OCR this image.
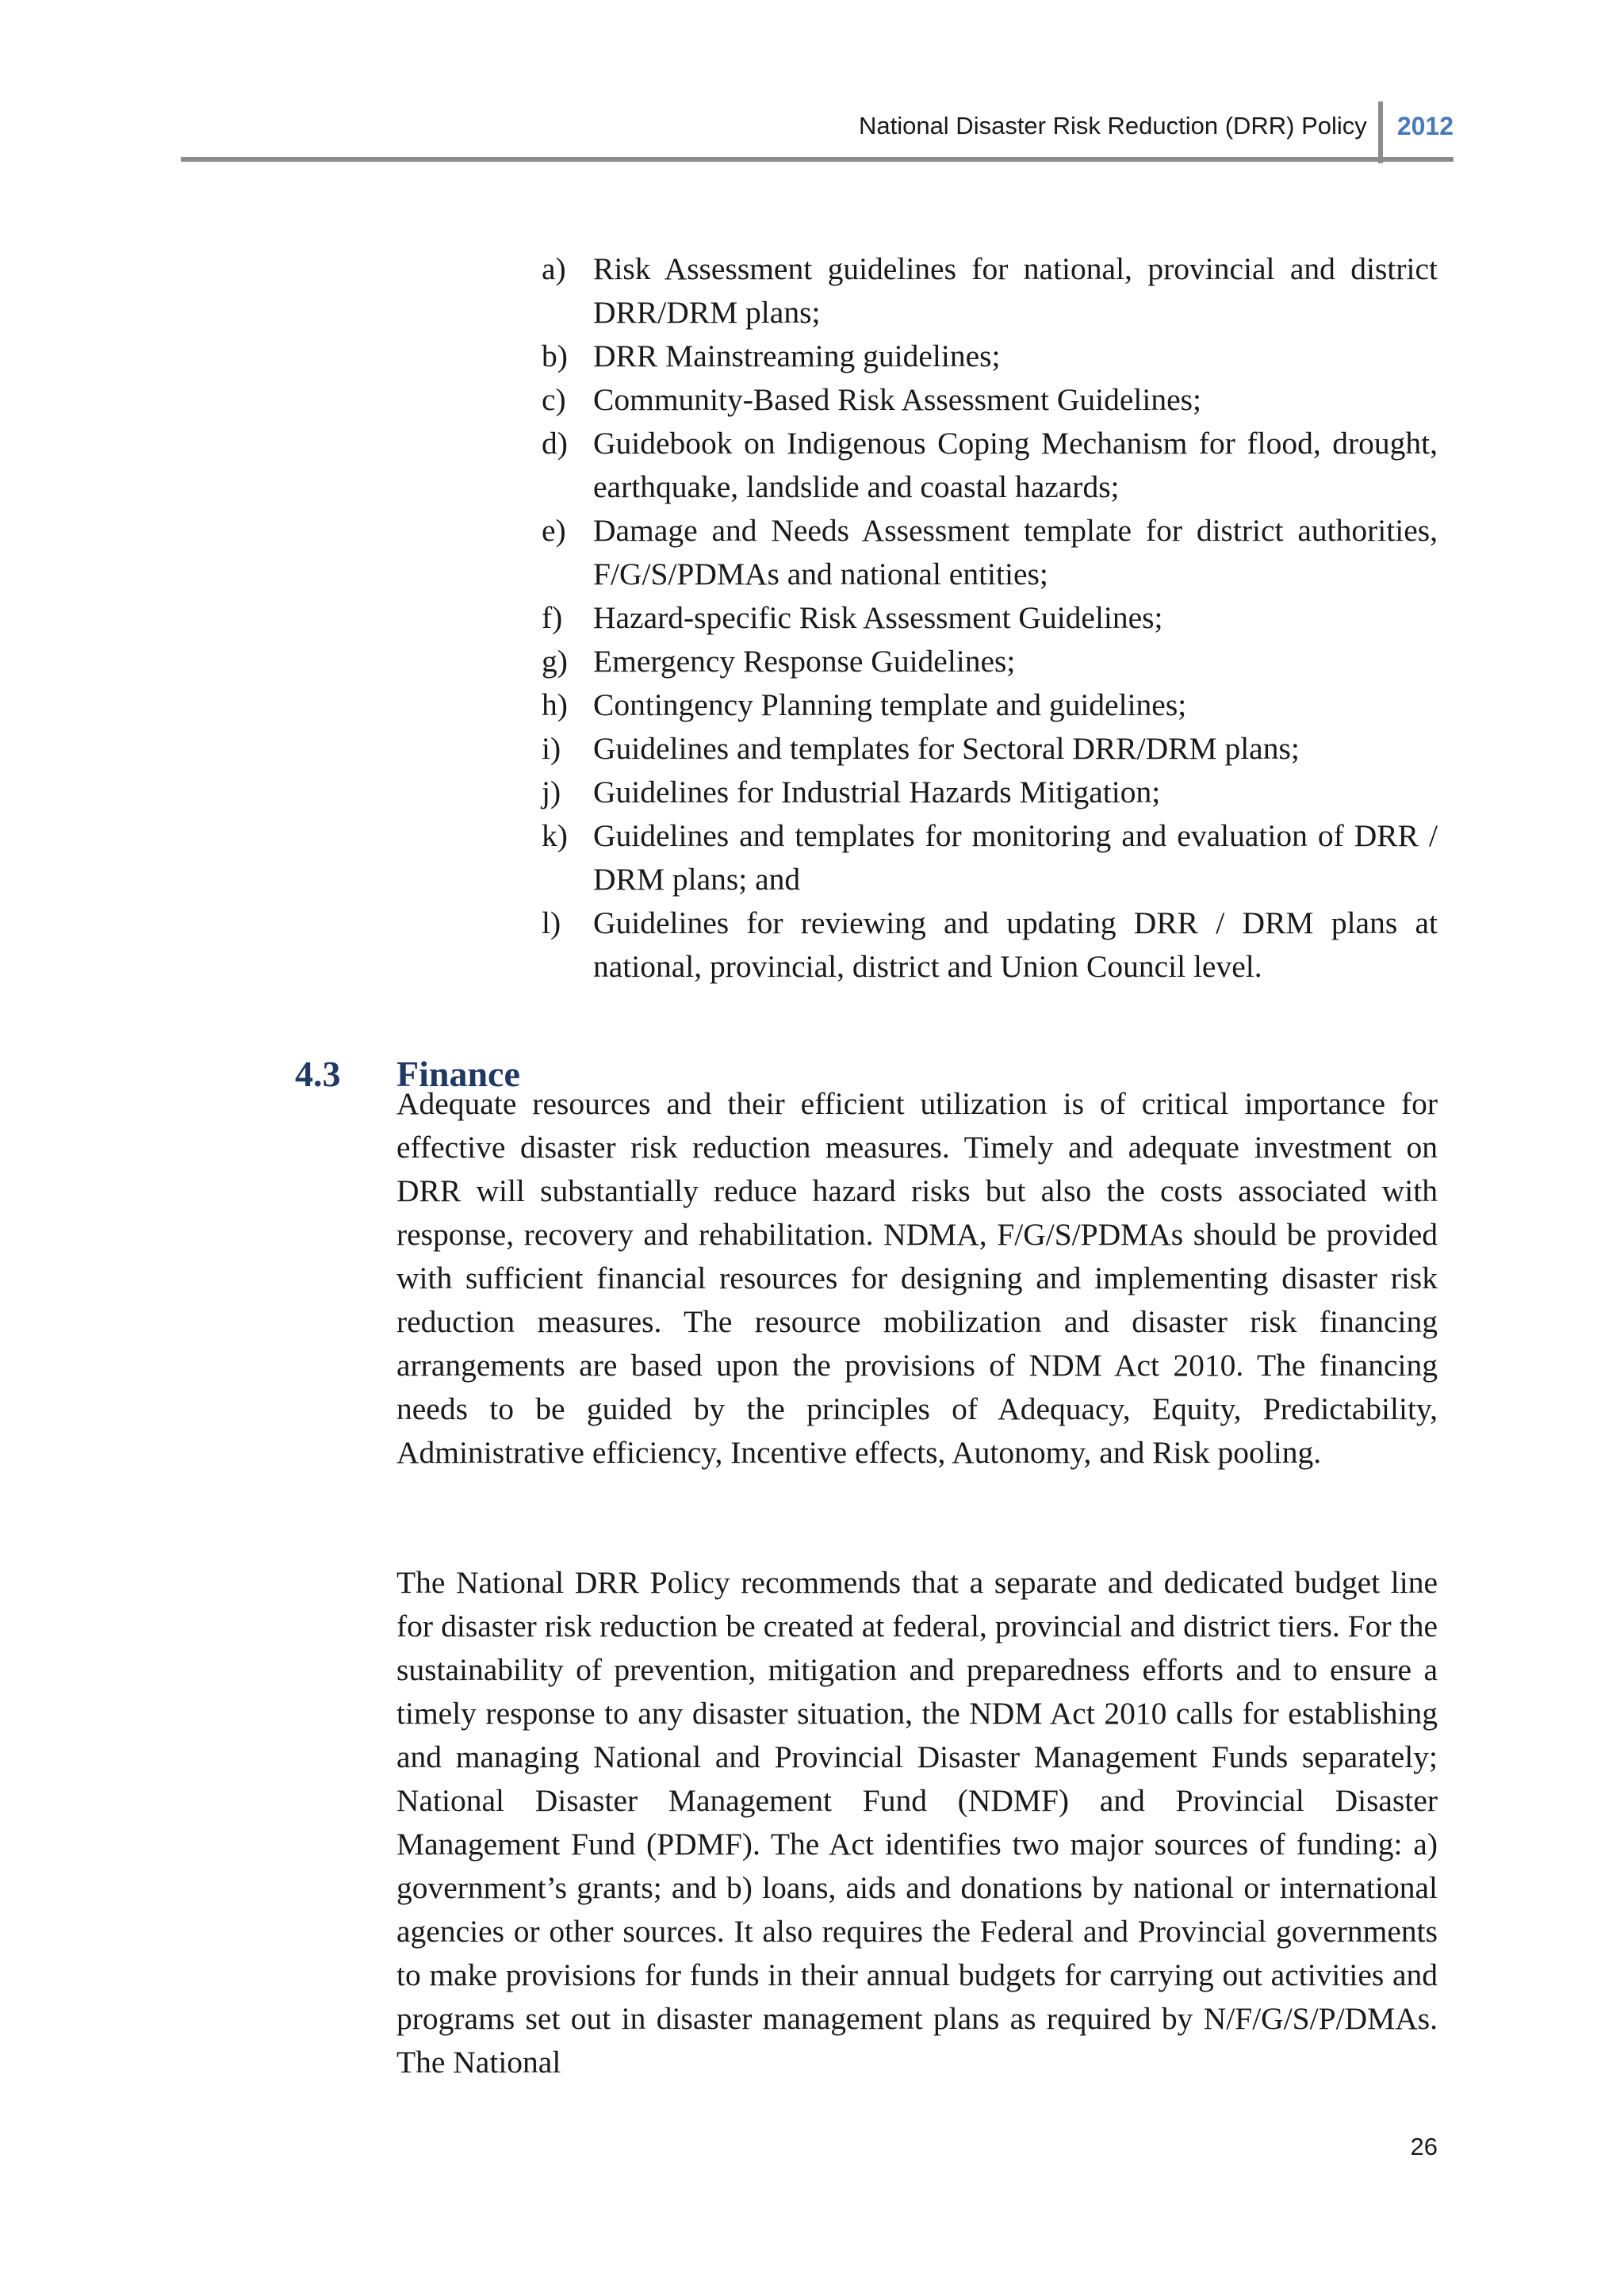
National Disaster Risk Reduction (DRR) Policy	2012
a) Risk Assessment guidelines for national, provincial and district DRR/DRM plans;
b) DRR Mainstreaming guidelines;
c) Community-Based Risk Assessment Guidelines;
d) Guidebook on Indigenous Coping Mechanism for flood, drought, earthquake, landslide and coastal hazards;
e) Damage and Needs Assessment template for district authorities, F/G/S/PDMAs and national entities;
f) Hazard-specific Risk Assessment Guidelines;
g) Emergency Response Guidelines;
h) Contingency Planning template and guidelines;
i)	Guidelines and templates for Sectoral DRR/DRM plans;
j)	Guidelines for Industrial Hazards Mitigation;
k) Guidelines and templates for monitoring and evaluation of DRR / DRM plans; and
l)	Guidelines for reviewing and updating DRR / DRM plans at national, provincial, district and Union Council level.
4.3	Finance

Adequate resources and their efficient utilization is of critical importance for effective disaster risk reduction measures. Timely and adequate investment on DRR will substantially reduce hazard risks but also the costs associated with response, recovery and rehabilitation. NDMA, F/G/S/PDMAs should be provided with sufficient financial resources for designing and implementing disaster risk reduction measures. The resource mobilization and disaster risk financing arrangements are based upon the provisions of NDM Act 2010. The financing needs to be guided by the principles of Adequacy, Equity, Predictability, Administrative efficiency, Incentive effects, Autonomy, and Risk pooling.

The National DRR Policy recommends that a separate and dedicated budget line for disaster risk reduction be created at federal, provincial and district tiers. For the sustainability of prevention, mitigation and preparedness efforts and to ensure a timely response to any disaster situation, the NDM Act 2010 calls for establishing and managing National and Provincial Disaster Management Funds separately; National Disaster Management Fund (NDMF) and Provincial Disaster Management Fund (PDMF). The Act identifies two major sources of funding: a) government’s grants; and b) loans, aids and donations by national or international agencies or other sources. It also requires the Federal and Provincial governments to make provisions for funds in their annual budgets for carrying out activities and programs set out in disaster management plans as required by N/F/G/S/P/DMAs. The National

26
